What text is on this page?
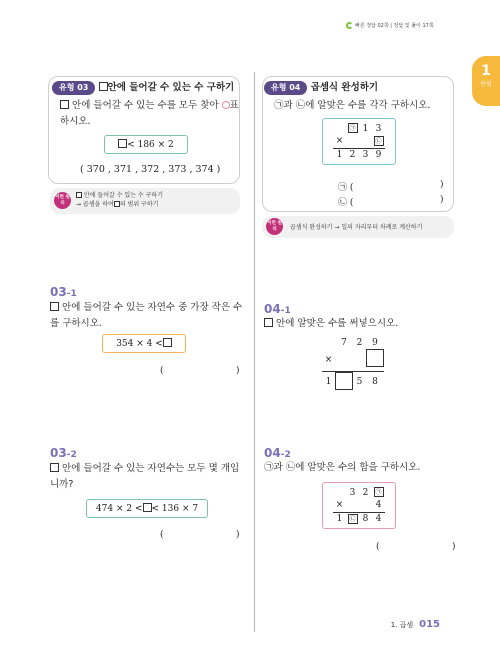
빠른 정답 02쪽 | 정답 및 풀이 17쪽
1
단원
유형 03 안에 들어갈 수 있는 수 구하기
안에 들어갈 수 있는 수를 모두 찾아 ○표
하시오.
< 186 × 2
( 370 , 371 , 372 , 373 , 374 )
이런 원리
안에 들어갈 수 있는 수 구하기
→ 곱셈을 하여 의 범위 구하기
유형 04 곱셈식 완성하기
㉠과 ㉡에 알맞은 수를 각각 구하시오.
	㉠	1	3
×			㉡
1	2	3	9
㉠ (	)
㉡ (	)
이런 원리	곱셈식 완성하기 → 일의 자리부터 차례로 계산하기
03-1
안에 들어갈 수 있는 자연수 중 가장 작은 수
를 구하시오.
354 × 4 <
(	)
03-2
안에 들어갈 수 있는 자연수는 모두 몇 개입
니까?
474 × 2 < < 136 × 7
(	)
04-1
안에 알맞은 수를 써넣으시오.
	7	2	9
×			
1		5	8
04-2
㉠과 ㉡에 알맞은 수의 합을 구하시오.
	3	2	㉠
×			4
1	㉡	8	4
(	)
1. 곱셈 015
